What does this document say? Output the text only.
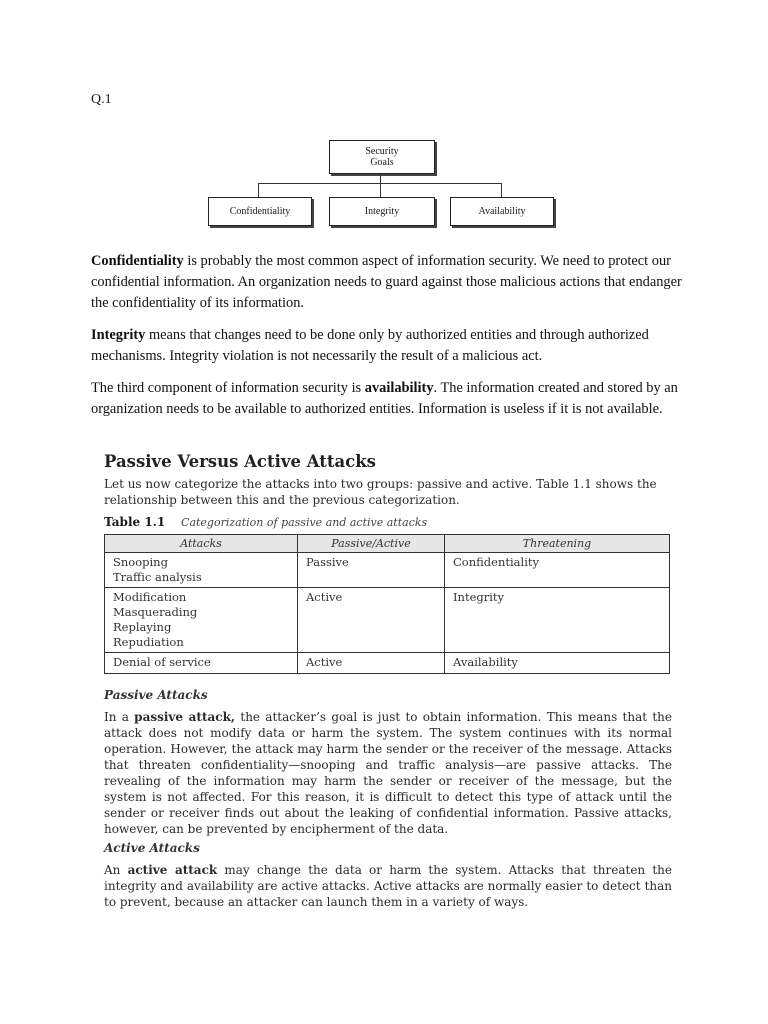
Q.1
Security
Goals
Confidentiality	Integrity	Availability
Confidentiality is probably the most common aspect of information security. We need to protect our confidential information. An organization needs to guard against those malicious actions that endanger the confidentiality of its information.
Integrity means that changes need to be done only by authorized entities and through authorized mechanisms. Integrity violation is not necessarily the result of a malicious act.
The third component of information security is availability. The information created and stored by an organization needs to be available to authorized entities. Information is useless if it is not available.
Passive Versus Active Attacks
Let us now categorize the attacks into two groups: passive and active. Table 1.1 shows the relationship between this and the previous categorization.
Table 1.1 Categorization of passive and active attacks
Attacks	Passive/Active	Threatening

Snooping
Traffic analysis	Passive	Confidentiality

Modification
Masquerading
Replaying
Repudiation	Active	Integrity

Denial of service	Active	Availability
Passive Attacks
In a passive attack, the attacker’s goal is just to obtain information. This means that the attack does not modify data or harm the system. The system continues with its normal operation. However, the attack may harm the sender or the receiver of the message. Attacks that threaten confidentiality—snooping and traffic analysis—are passive attacks. The revealing of the information may harm the sender or receiver of the message, but the system is not affected. For this reason, it is difficult to detect this type of attack until the sender or receiver finds out about the leaking of confidential information. Passive attacks, however, can be prevented by encipherment of the data.
Active Attacks
An active attack may change the data or harm the system. Attacks that threaten the integrity and availability are active attacks. Active attacks are normally easier to detect than to prevent, because an attacker can launch them in a variety of ways.
